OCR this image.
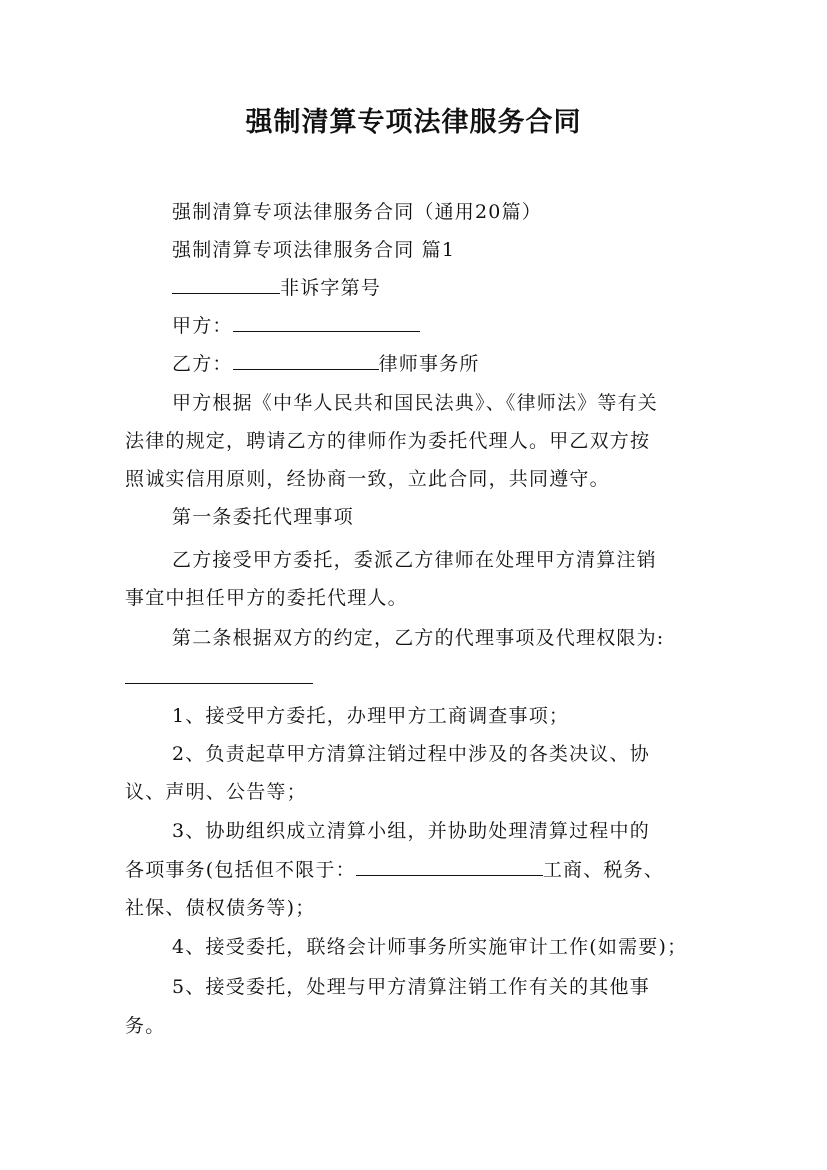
强制清算专项法律服务合同
强制清算专项法律服务合同（通用20篇）
强制清算专项法律服务合同 篇1
非诉字第号
甲方：
乙方：	律师事务所
甲方根据《中华人民共和国民法典》、《律师法》等有关
法律的规定，聘请乙方的律师作为委托代理人。甲乙双方按
照诚实信用原则，经协商一致，立此合同，共同遵守。
第一条委托代理事项
乙方接受甲方委托，委派乙方律师在处理甲方清算注销
事宜中担任甲方的委托代理人。
第二条根据双方的约定，乙方的代理事项及代理权限为:
1、接受甲方委托，办理甲方工商调查事项；
2、负责起草甲方清算注销过程中涉及的各类决议、协
议、声明、公告等；
3、协助组织成立清算小组，并协助处理清算过程中的
各项事务(包括但不限于：	工商、税务、
社保、债权债务等)；
4、接受委托，联络会计师事务所实施审计工作(如需要)；
5、接受委托，处理与甲方清算注销工作有关的其他事
务。
